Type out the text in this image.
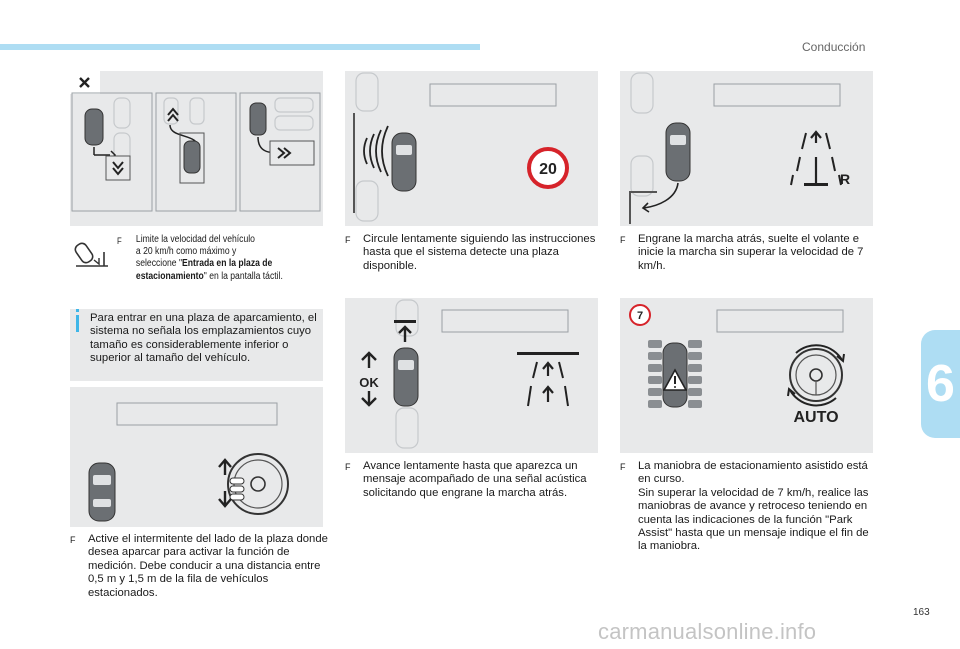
Conducción
F	Limite la velocidad del vehículo
a 20 km/h como máximo y
seleccione "Entrada en la plaza de
estacionamiento" en la pantalla táctil.
Para entrar en una plaza de aparcamiento, el sistema no señala los emplazamientos cuyo tamaño es considerablemente inferior o superior al tamaño del vehículo.
F	Active el intermitente del lado de la plaza donde desea aparcar para activar la función de medición. Debe conducir a una distancia entre 0,5 m y 1,5 m de la fila de vehículos estacionados.
20
F	Circule lentamente siguiendo las instrucciones hasta que el sistema detecte una plaza disponible.
OK
F	Avance lentamente hasta que aparezca un mensaje acompañado de una señal acústica solicitando que engrane la marcha atrás.
R
F	Engrane la marcha atrás, suelte el volante e inicie la marcha sin superar la velocidad de 7 km/h.
7
AUTO
F	La maniobra de estacionamiento asistido está en curso.
Sin superar la velocidad de 7 km/h, realice las maniobras de avance y retroceso teniendo en cuenta las indicaciones de la función "Park Assist" hasta que un mensaje indique el fin de la maniobra.
6
163
carmanualsonline.info
